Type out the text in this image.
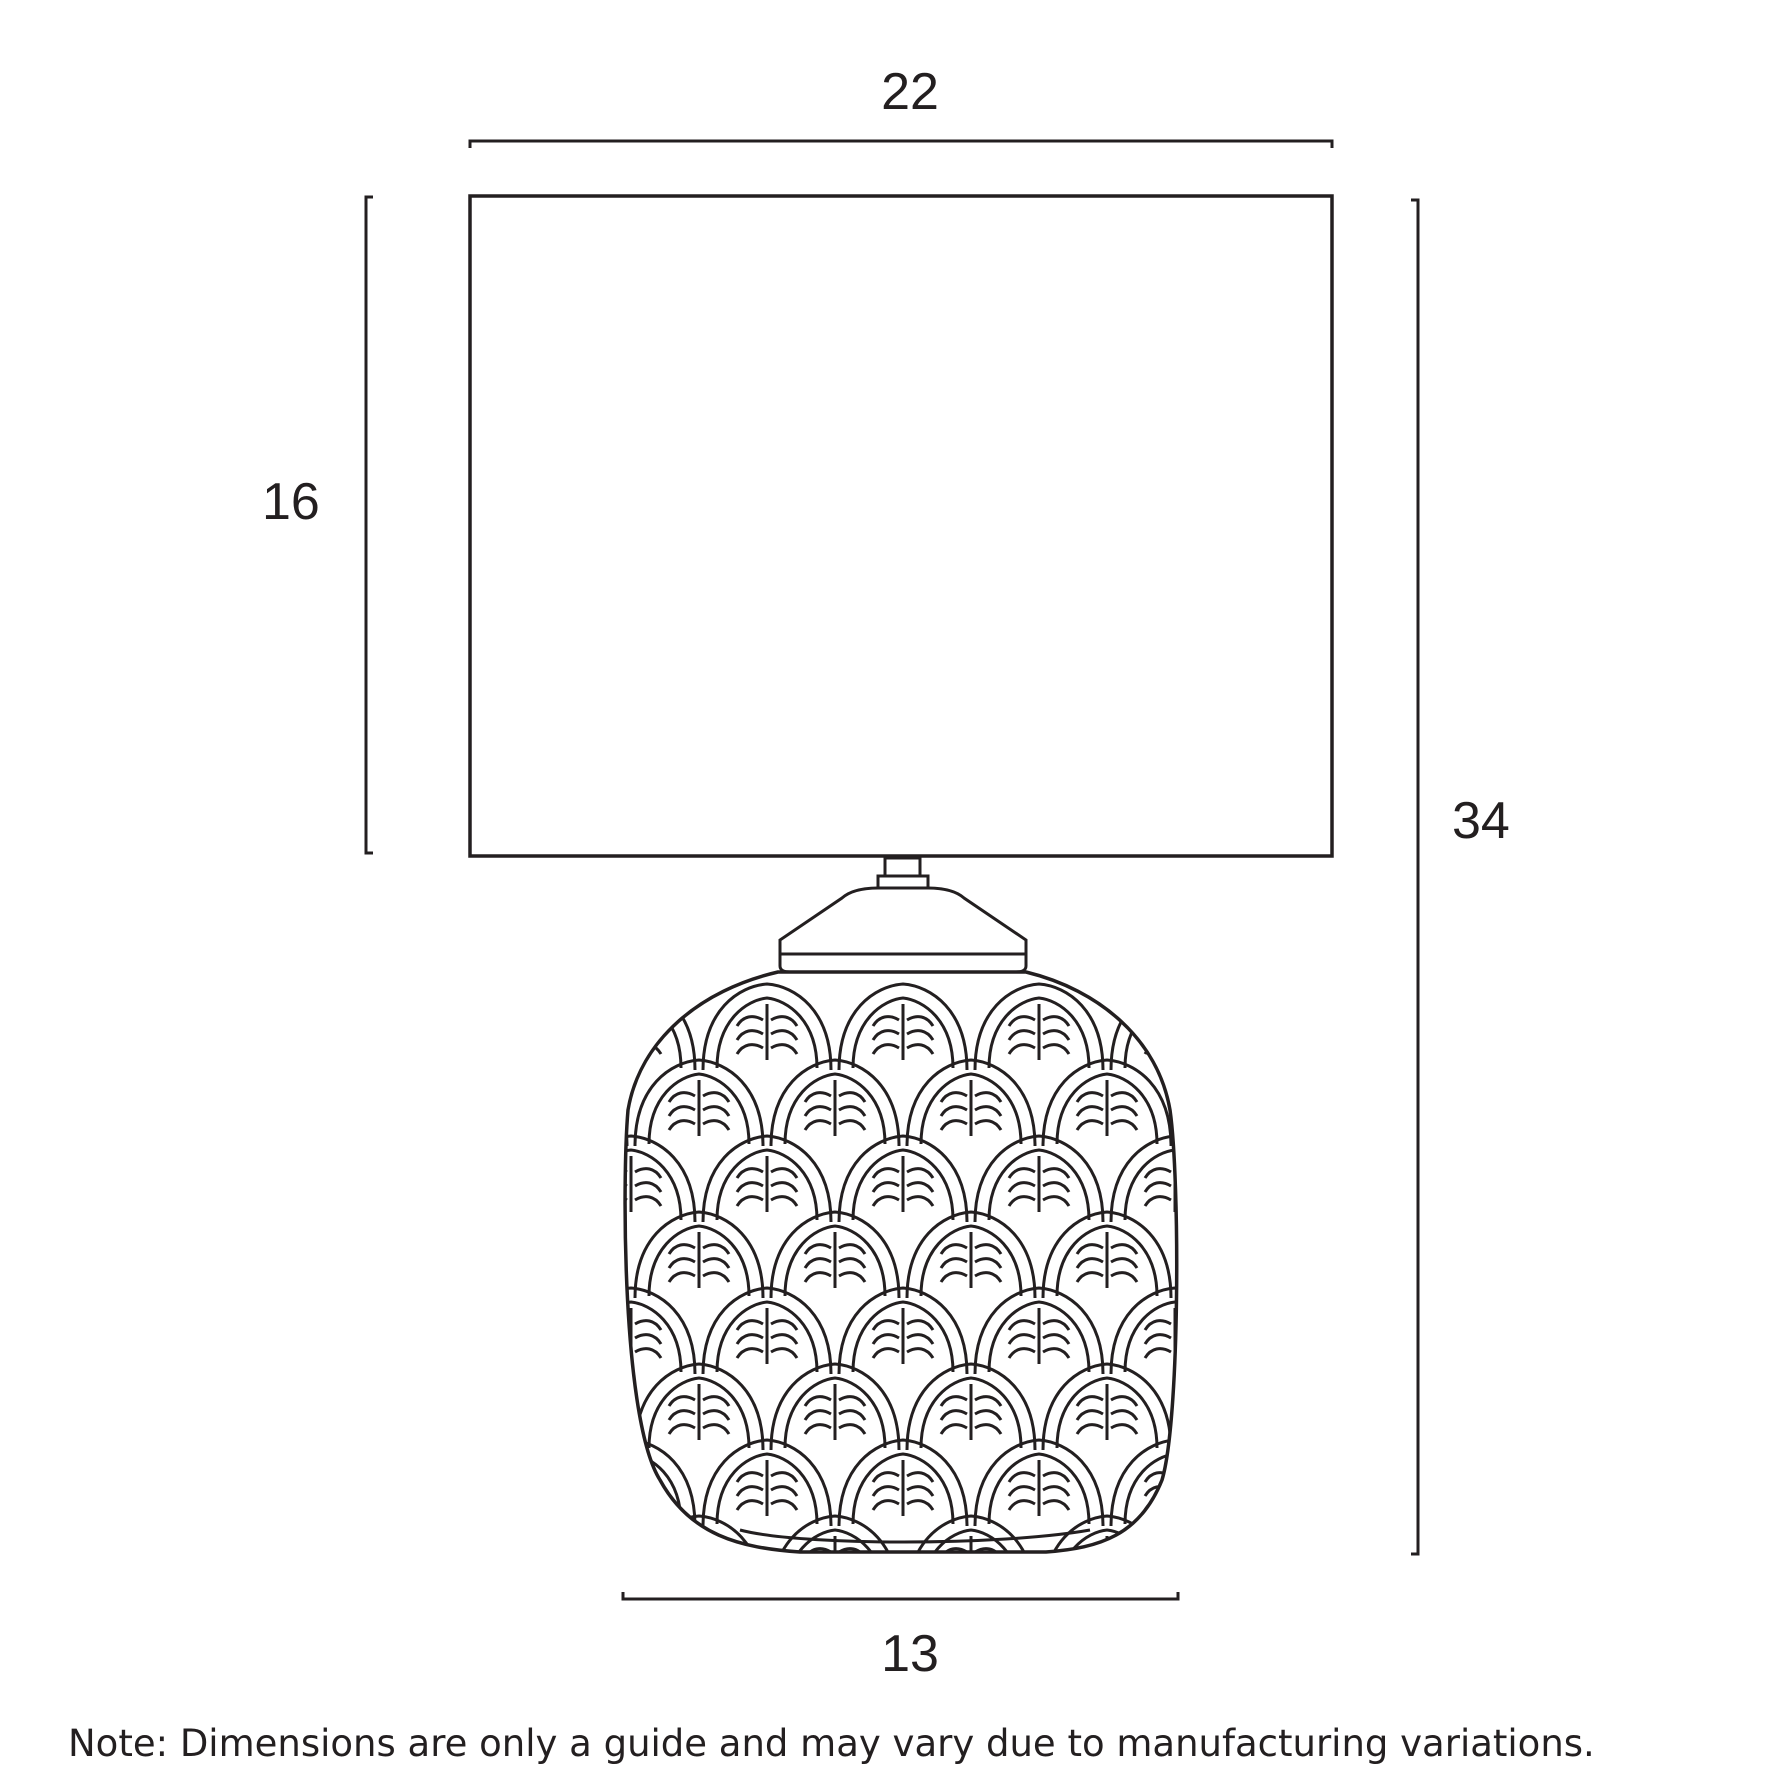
22
16
34
13
Note: Dimensions are only a guide and may vary due to manufacturing variations.
